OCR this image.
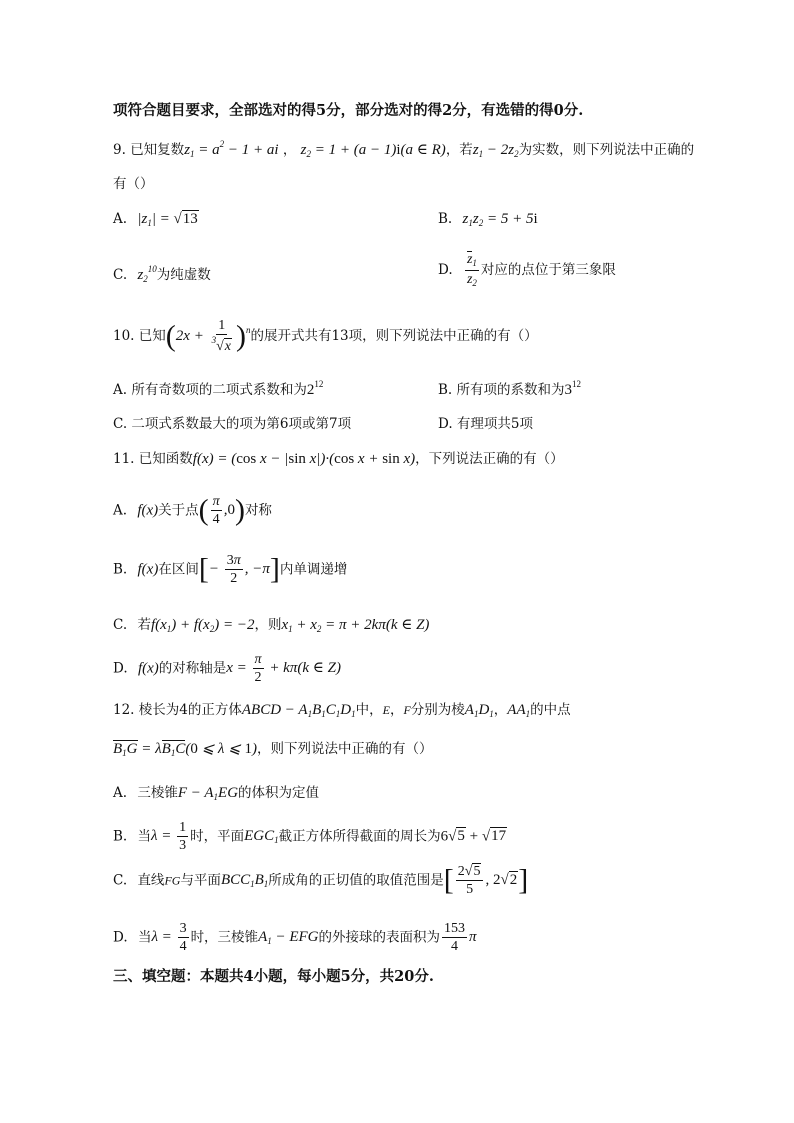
项符合题目要求，全部选对的得5分，部分选对的得2分，有选错的得0分.
9. 已知复数$z_1 = a^2 - 1$ + ai ， $z_2 = 1 + (a - 1)i(a$ ∈ R)，若$z_1 - 2z_2$为实数，则下列说法中正确的
有（）
A. $|z_1| = √13$	B. $z_1z_2 = 5 + 5i$
C. $z_2^{10}$为纯虚数	D. $\frac{z_1}{z_2}$ 对应的点位于第三象限
10. 已知$(2x + \frac{1}{^3√x} )^n$的展开式共有13项，则下列说法中正确的有（）
A. 所有奇数项的二项式系数和为$2^{12}$	B. 所有项的系数和为$3^{12}$
C. 二项式系数最大的项为第6项或第7项	D. 有理项共5项
11. 已知函数f(x) = (cos x − |sin x|)·(cos x + sin x)，下列说法正确的有（）
A. f(x)关于点( $\frac{\pi}{4} ,0$)对称
B. f(x)在区间[− $\frac{3\pi}{2}$ , −π]内单调递增
C. 若$f(x_1) + f(x_2) = -2$，则$x_1 + x_2 = \pi + 2k\pi(k$ ∈ Z)
D. f(x)的对称轴是$x = \frac{\pi}{2} + k\pi(k$ ∈ Z)
12. 棱长为4的正方体ABCD − $A_1B_1C_1D_1$中，E，F分别为棱$A_1D_1$，$AA_1$的中点
$B_1G = \lambda B_1C(0$ ⩽ λ ⩽ 1)，则下列说法中正确的有（）
A. 三棱锥$F - A_1EG$的体积为定值
B. 当$\lambda = \frac{1}{3}$ 时，平面$EGC_1$截正方体所得截面的周长为6√5 + √17
C. 直线FG与平面$BCC_1B_1$所成角的正切值的取值范围是[ $\frac{2√5}{5}$ , 2√2]
D. 当$\lambda = \frac{3}{4}$ 时，三棱锥$A_1$ − EFG的外接球的表面积为 $\frac{153}{4}$ π
三、填空题：本题共4小题，每小题5分，共20分.
